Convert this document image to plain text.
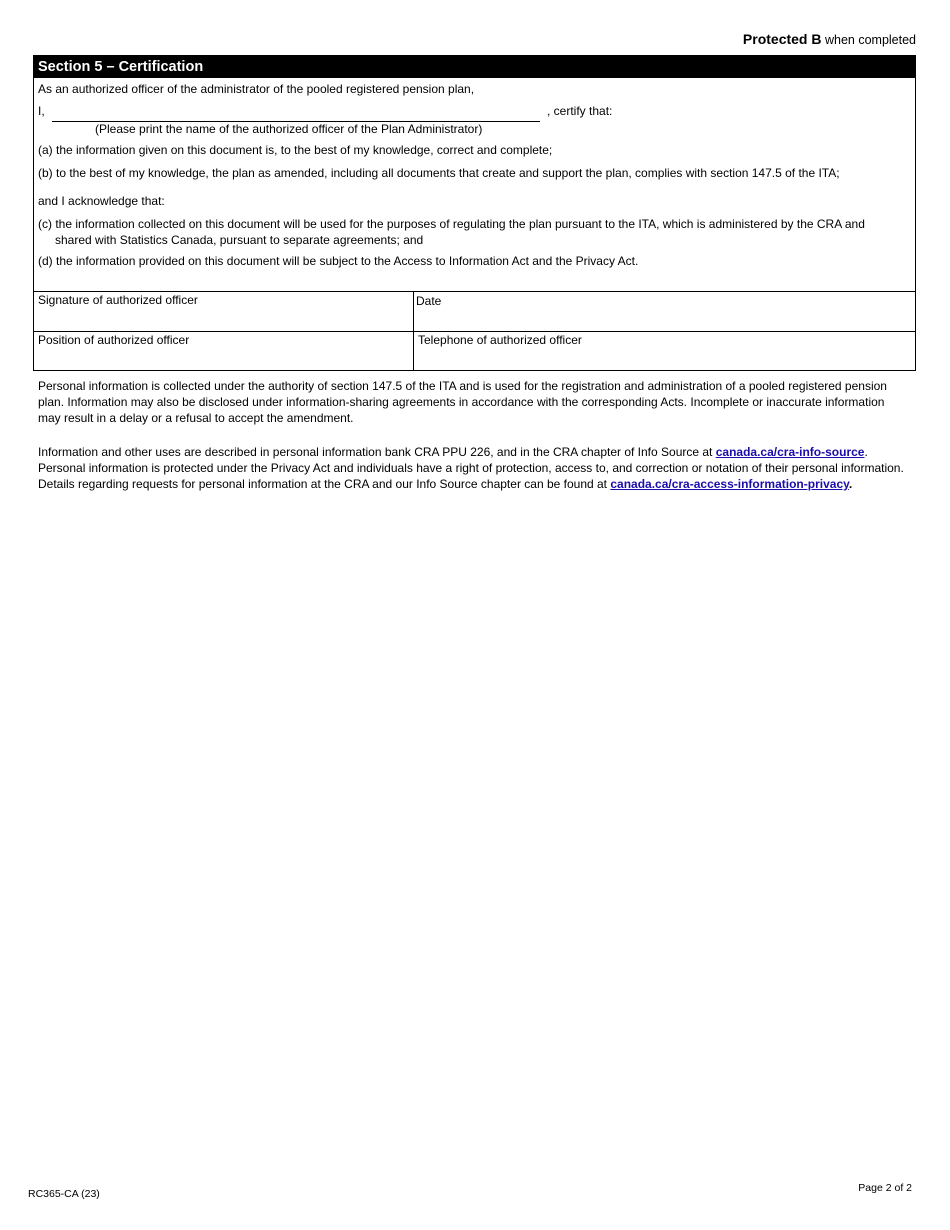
Protected B when completed
Section 5 – Certification
As an authorized officer of the administrator of the pooled registered pension plan,
I,	, certify that:
(Please print the name of the authorized officer of the Plan Administrator)
(a) the information given on this document is, to the best of my knowledge, correct and complete;
(b) to the best of my knowledge, the plan as amended, including all documents that create and support the plan, complies with section 147.5 of the ITA;
and I acknowledge that:
(c) the information collected on this document will be used for the purposes of regulating the plan pursuant to the ITA, which is administered by the CRA and
shared with Statistics Canada, pursuant to separate agreements; and
(d) the information provided on this document will be subject to the Access to Information Act and the Privacy Act.
Signature of authorized officer	Date
Position of authorized officer	Telephone of authorized officer

Personal information is collected under the authority of section 147.5 of the ITA and is used for the registration and administration of a pooled registered pension plan. Information may also be disclosed under information-sharing agreements in accordance with the corresponding Acts. Incomplete or inaccurate information may result in a delay or a refusal to accept the amendment.

Information and other uses are described in personal information bank CRA PPU 226, and in the CRA chapter of Info Source at canada.ca/cra-info-source. Personal information is protected under the Privacy Act and individuals have a right of protection, access to, and correction or notation of their personal information. Details regarding requests for personal information at the CRA and our Info Source chapter can be found at canada.ca/cra-access-information-privacy.

RC365-CA (23)	Page 2 of 2
